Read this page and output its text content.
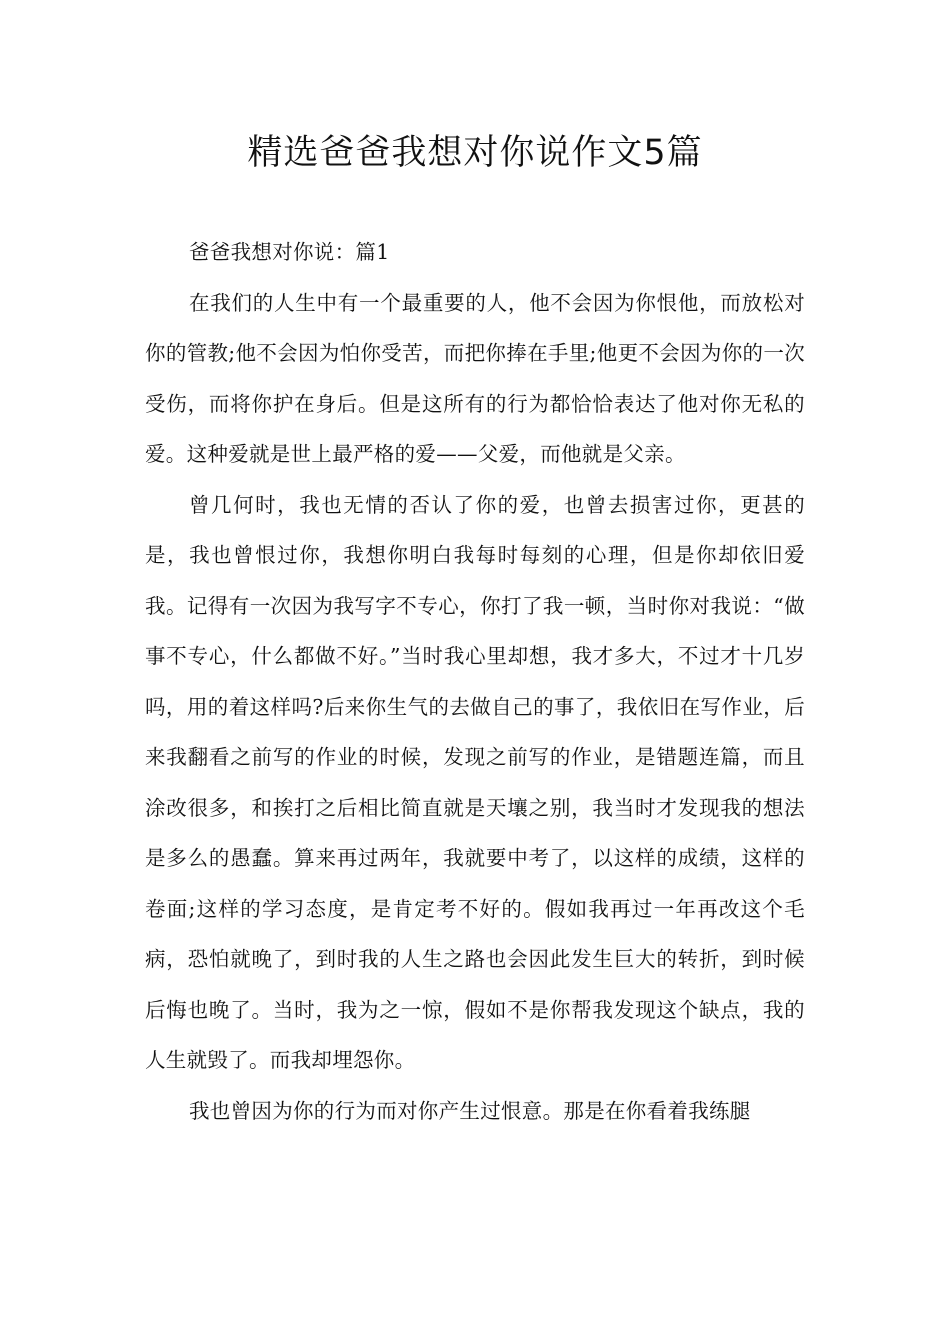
精选爸爸我想对你说作文5篇

爸爸我想对你说：篇1

在我们的人生中有一个最重要的人，他不会因为你恨他，而放松对你的管教;他不会因为怕你受苦，而把你捧在手里;他更不会因为你的一次受伤，而将你护在身后。但是这所有的行为都恰恰表达了他对你无私的爱。这种爱就是世上最严格的爱——父爱，而他就是父亲。

曾几何时，我也无情的否认了你的爱，也曾去损害过你，更甚的是，我也曾恨过你，我想你明白我每时每刻的心理，但是你却依旧爱我。记得有一次因为我写字不专心，你打了我一顿，当时你对我说：“做事不专心，什么都做不好。”当时我心里却想，我才多大，不过才十几岁吗，用的着这样吗?后来你生气的去做自己的事了，我依旧在写作业，后来我翻看之前写的作业的时候，发现之前写的作业，是错题连篇，而且涂改很多，和挨打之后相比简直就是天壤之别，我当时才发现我的想法是多么的愚蠢。算来再过两年，我就要中考了，以这样的成绩，这样的卷面;这样的学习态度，是肯定考不好的。假如我再过一年再改这个毛病，恐怕就晚了，到时我的人生之路也会因此发生巨大的转折，到时候后悔也晚了。当时，我为之一惊，假如不是你帮我发现这个缺点，我的人生就毁了。而我却埋怨你。

我也曾因为你的行为而对你产生过恨意。那是在你看着我练腿
